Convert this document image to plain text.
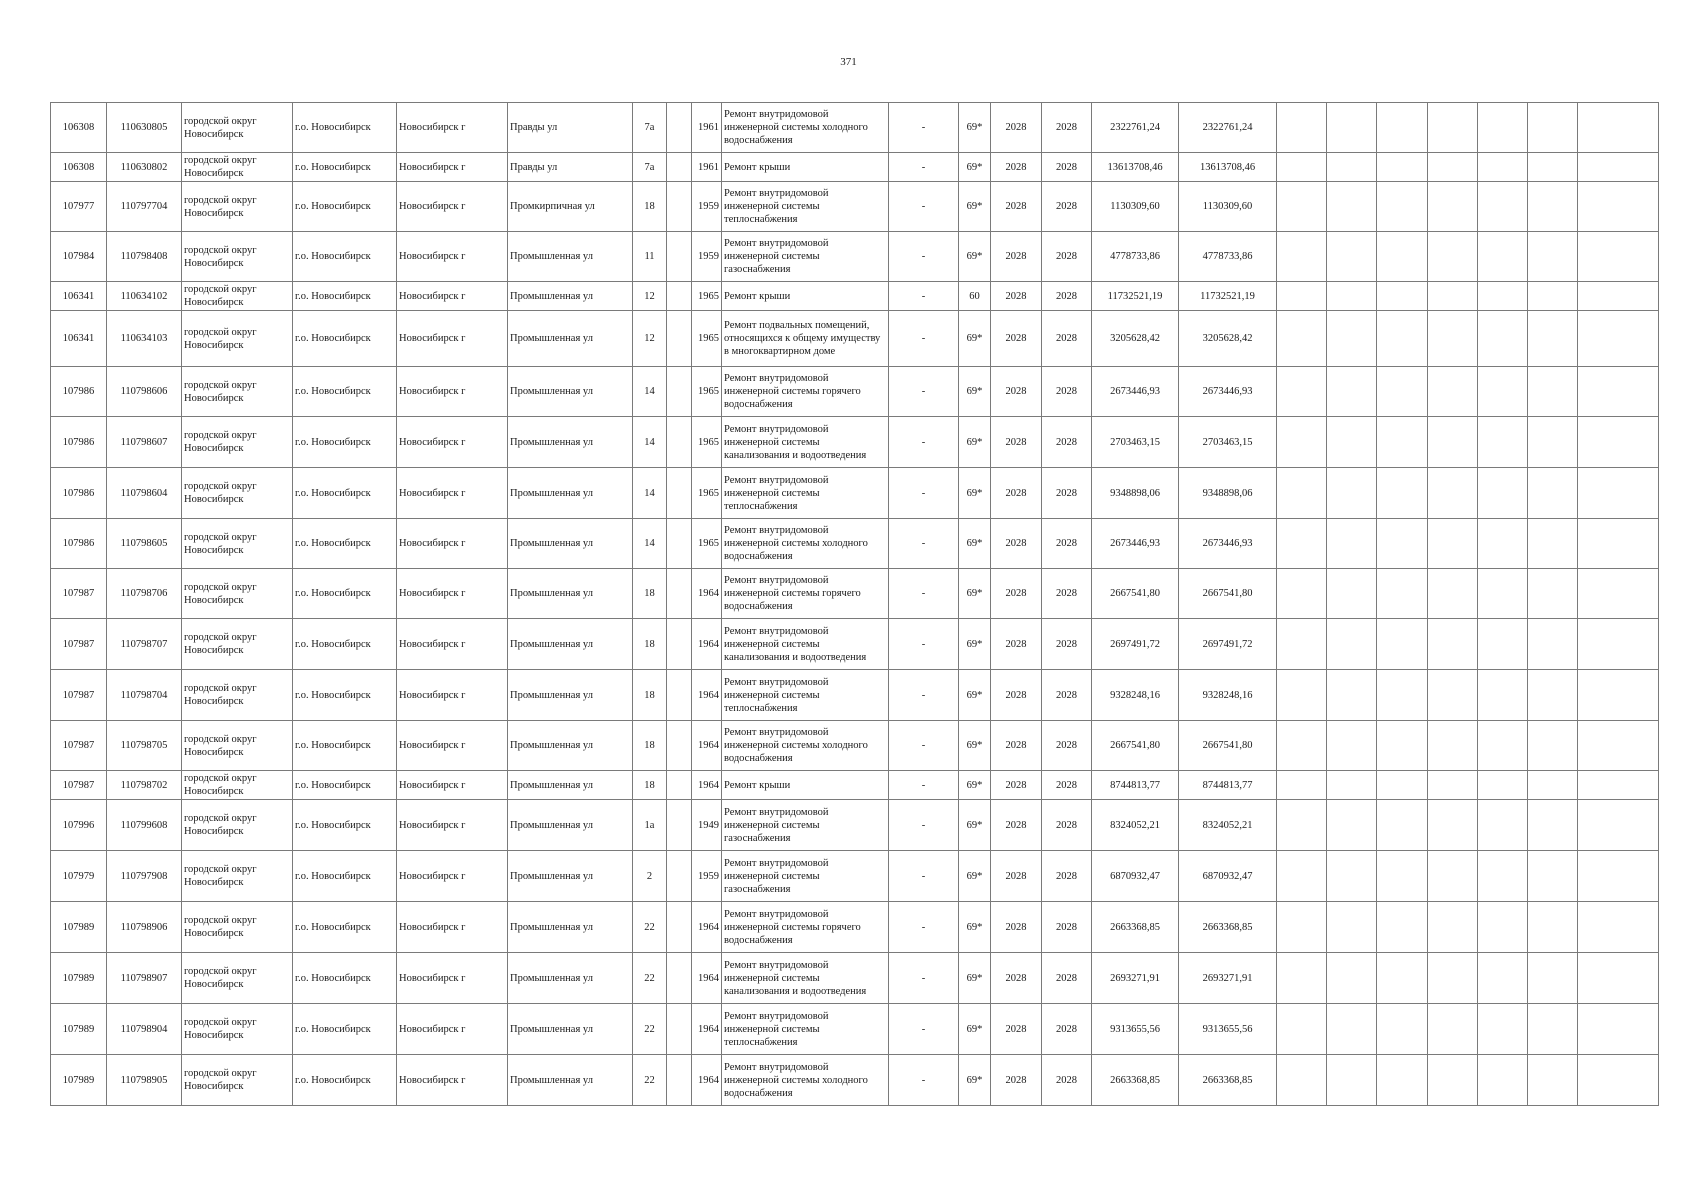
371
106308	110630805	городской округ Новосибирск	г.о. Новосибирск	Новосибирск г	Правды ул	7а		1961	Ремонт внутридомовой инженерной системы холодного водоснабжения	-	69*	2028	2028	2322761,24	2322761,24							
106308	110630802	городской округ Новосибирск	г.о. Новосибирск	Новосибирск г	Правды ул	7а		1961	Ремонт крыши	-	69*	2028	2028	13613708,46	13613708,46							
107977	110797704	городской округ Новосибирск	г.о. Новосибирск	Новосибирск г	Промкирпичная ул	18		1959	Ремонт внутридомовой инженерной системы теплоснабжения	-	69*	2028	2028	1130309,60	1130309,60							
107984	110798408	городской округ Новосибирск	г.о. Новосибирск	Новосибирск г	Промышленная ул	11		1959	Ремонт внутридомовой инженерной системы газоснабжения	-	69*	2028	2028	4778733,86	4778733,86							
106341	110634102	городской округ Новосибирск	г.о. Новосибирск	Новосибирск г	Промышленная ул	12		1965	Ремонт крыши	-	60	2028	2028	11732521,19	11732521,19							
106341	110634103	городской округ Новосибирск	г.о. Новосибирск	Новосибирск г	Промышленная ул	12		1965	Ремонт подвальных помещений, относящихся к общему имуществу в многоквартирном доме	-	69*	2028	2028	3205628,42	3205628,42							
107986	110798606	городской округ Новосибирск	г.о. Новосибирск	Новосибирск г	Промышленная ул	14		1965	Ремонт внутридомовой инженерной системы горячего водоснабжения	-	69*	2028	2028	2673446,93	2673446,93							
107986	110798607	городской округ Новосибирск	г.о. Новосибирск	Новосибирск г	Промышленная ул	14		1965	Ремонт внутридомовой инженерной системы канализования и водоотведения	-	69*	2028	2028	2703463,15	2703463,15							
107986	110798604	городской округ Новосибирск	г.о. Новосибирск	Новосибирск г	Промышленная ул	14		1965	Ремонт внутридомовой инженерной системы теплоснабжения	-	69*	2028	2028	9348898,06	9348898,06							
107986	110798605	городской округ Новосибирск	г.о. Новосибирск	Новосибирск г	Промышленная ул	14		1965	Ремонт внутридомовой инженерной системы холодного водоснабжения	-	69*	2028	2028	2673446,93	2673446,93							
107987	110798706	городской округ Новосибирск	г.о. Новосибирск	Новосибирск г	Промышленная ул	18		1964	Ремонт внутридомовой инженерной системы горячего водоснабжения	-	69*	2028	2028	2667541,80	2667541,80							
107987	110798707	городской округ Новосибирск	г.о. Новосибирск	Новосибирск г	Промышленная ул	18		1964	Ремонт внутридомовой инженерной системы канализования и водоотведения	-	69*	2028	2028	2697491,72	2697491,72							
107987	110798704	городской округ Новосибирск	г.о. Новосибирск	Новосибирск г	Промышленная ул	18		1964	Ремонт внутридомовой инженерной системы теплоснабжения	-	69*	2028	2028	9328248,16	9328248,16							
107987	110798705	городской округ Новосибирск	г.о. Новосибирск	Новосибирск г	Промышленная ул	18		1964	Ремонт внутридомовой инженерной системы холодного водоснабжения	-	69*	2028	2028	2667541,80	2667541,80							
107987	110798702	городской округ Новосибирск	г.о. Новосибирск	Новосибирск г	Промышленная ул	18		1964	Ремонт крыши	-	69*	2028	2028	8744813,77	8744813,77							
107996	110799608	городской округ Новосибирск	г.о. Новосибирск	Новосибирск г	Промышленная ул	1а		1949	Ремонт внутридомовой инженерной системы газоснабжения	-	69*	2028	2028	8324052,21	8324052,21							
107979	110797908	городской округ Новосибирск	г.о. Новосибирск	Новосибирск г	Промышленная ул	2		1959	Ремонт внутридомовой инженерной системы газоснабжения	-	69*	2028	2028	6870932,47	6870932,47							
107989	110798906	городской округ Новосибирск	г.о. Новосибирск	Новосибирск г	Промышленная ул	22		1964	Ремонт внутридомовой инженерной системы горячего водоснабжения	-	69*	2028	2028	2663368,85	2663368,85							
107989	110798907	городской округ Новосибирск	г.о. Новосибирск	Новосибирск г	Промышленная ул	22		1964	Ремонт внутридомовой инженерной системы канализования и водоотведения	-	69*	2028	2028	2693271,91	2693271,91							
107989	110798904	городской округ Новосибирск	г.о. Новосибирск	Новосибирск г	Промышленная ул	22		1964	Ремонт внутридомовой инженерной системы теплоснабжения	-	69*	2028	2028	9313655,56	9313655,56							
107989	110798905	городской округ Новосибирск	г.о. Новосибирск	Новосибирск г	Промышленная ул	22		1964	Ремонт внутридомовой инженерной системы холодного водоснабжения	-	69*	2028	2028	2663368,85	2663368,85							
